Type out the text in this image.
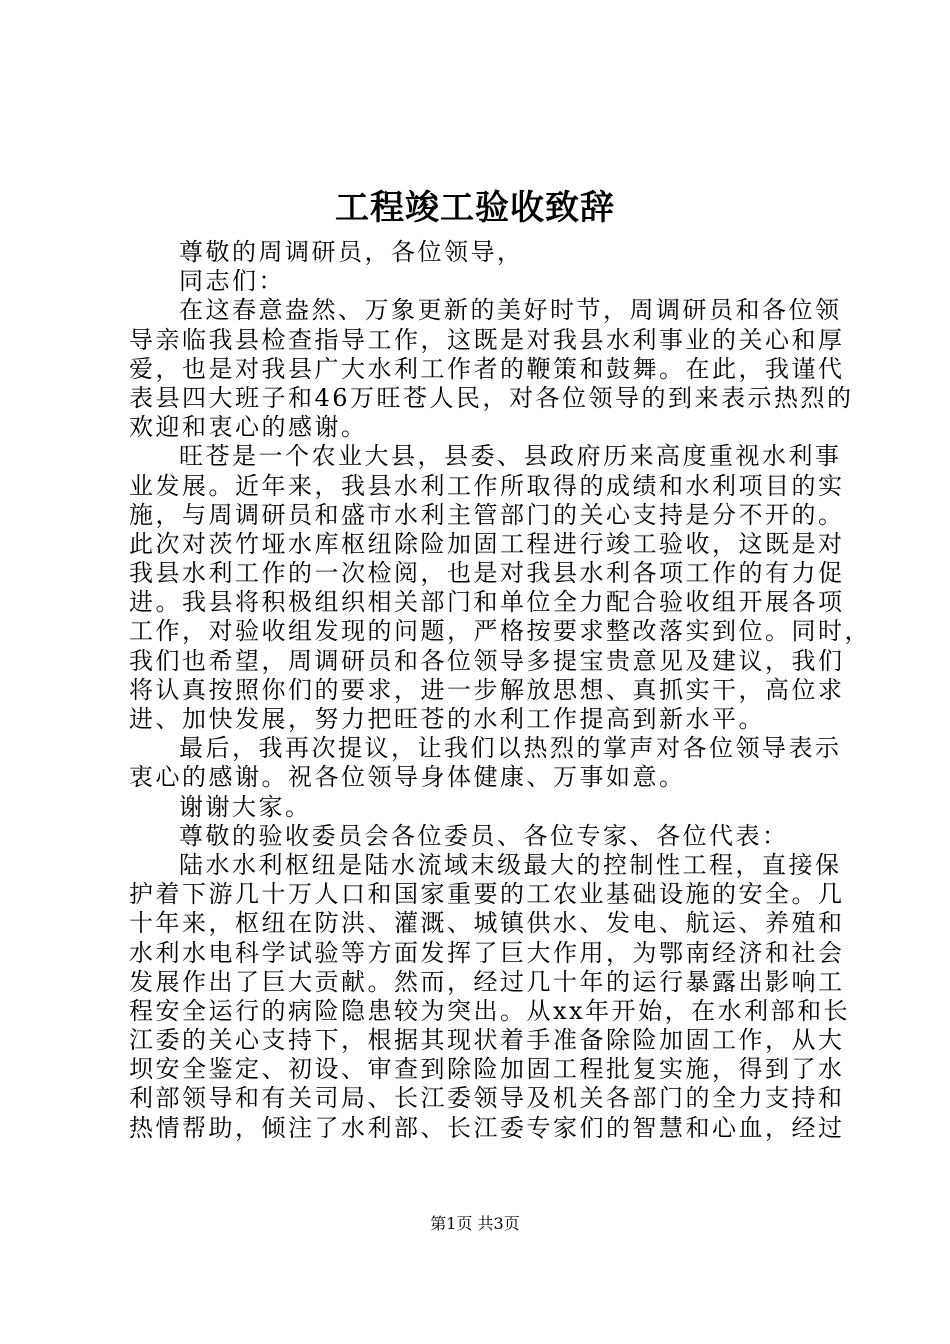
工程竣工验收致辞
尊敬的周调研员，各位领导，
同志们：
在这春意盎然、万象更新的美好时节，周调研员和各位领
导亲临我县检查指导工作，这既是对我县水利事业的关心和厚
爱，也是对我县广大水利工作者的鞭策和鼓舞。在此，我谨代
表县四大班子和46万旺苍人民，对各位领导的到来表示热烈的
欢迎和衷心的感谢。
旺苍是一个农业大县，县委、县政府历来高度重视水利事
业发展。近年来，我县水利工作所取得的成绩和水利项目的实
施，与周调研员和盛市水利主管部门的关心支持是分不开的。
此次对茨竹垭水库枢纽除险加固工程进行竣工验收，这既是对
我县水利工作的一次检阅，也是对我县水利各项工作的有力促
进。我县将积极组织相关部门和单位全力配合验收组开展各项
工作，对验收组发现的问题，严格按要求整改落实到位。同时，
我们也希望，周调研员和各位领导多提宝贵意见及建议，我们
将认真按照你们的要求，进一步解放思想、真抓实干，高位求
进、加快发展，努力把旺苍的水利工作提高到新水平。
最后，我再次提议，让我们以热烈的掌声对各位领导表示
衷心的感谢。祝各位领导身体健康、万事如意。
谢谢大家。
尊敬的验收委员会各位委员、各位专家、各位代表：
陆水水利枢纽是陆水流域末级最大的控制性工程，直接保
护着下游几十万人口和国家重要的工农业基础设施的安全。几
十年来，枢纽在防洪、灌溉、城镇供水、发电、航运、养殖和
水利水电科学试验等方面发挥了巨大作用，为鄂南经济和社会
发展作出了巨大贡献。然而，经过几十年的运行暴露出影响工
程安全运行的病险隐患较为突出。从xx年开始，在水利部和长
江委的关心支持下，根据其现状着手准备除险加固工作，从大
坝安全鉴定、初设、审查到除险加固工程批复实施，得到了水
利部领导和有关司局、长江委领导及机关各部门的全力支持和
热情帮助，倾注了水利部、长江委专家们的智慧和心血，经过
第1页 共3页
